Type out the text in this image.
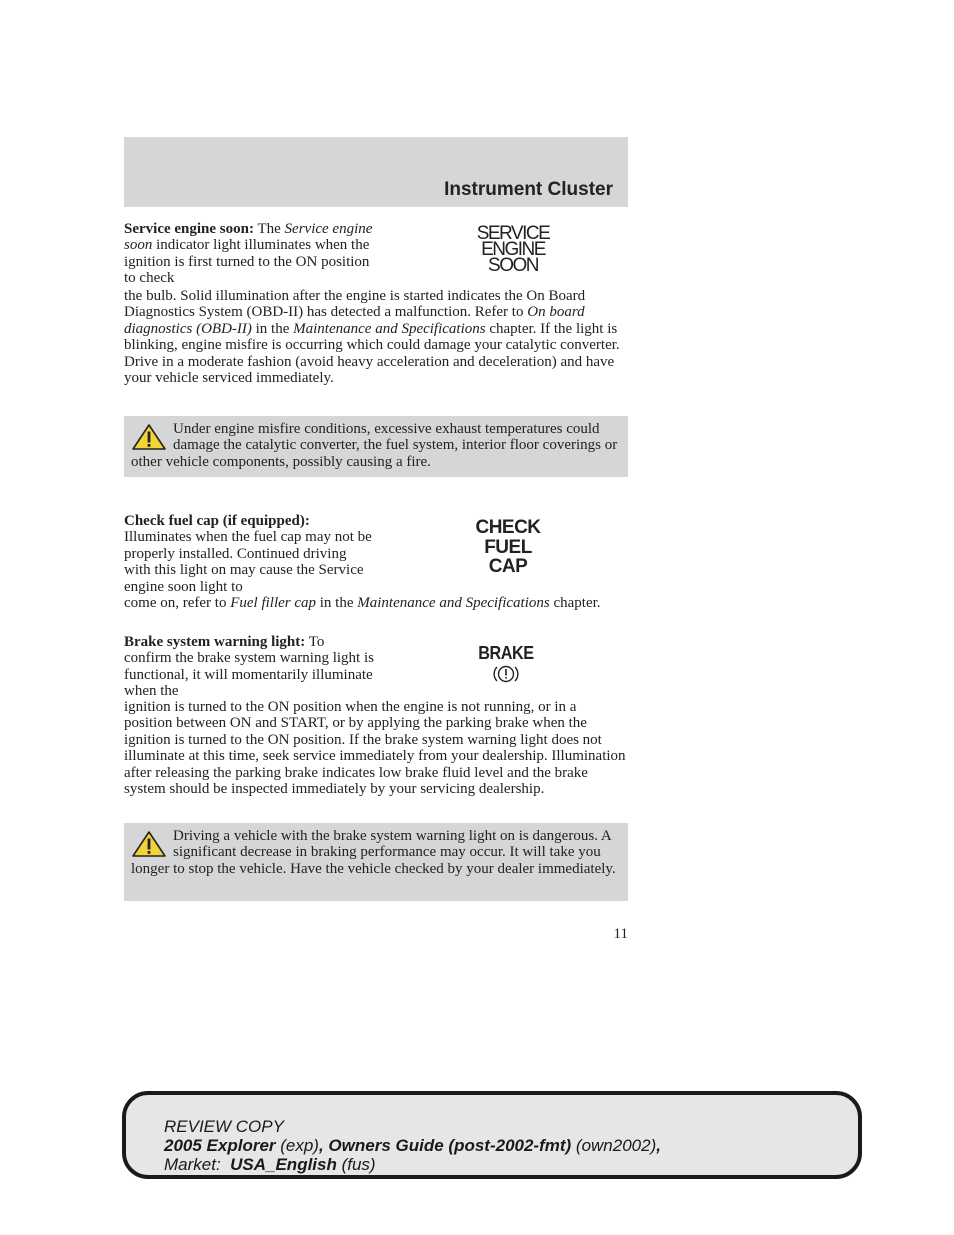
Instrument Cluster

Service engine soon: The Service engine soon indicator light illuminates when the ignition is first turned to the ON position to check

SERVICE
ENGINE
SOON

the bulb. Solid illumination after the engine is started indicates the On Board Diagnostics System (OBD-II) has detected a malfunction. Refer to On board diagnostics (OBD-II) in the Maintenance and Specifications chapter. If the light is blinking, engine misfire is occurring which could damage your catalytic converter. Drive in a moderate fashion (avoid heavy acceleration and deceleration) and have your vehicle serviced immediately.

Under engine misfire conditions, excessive exhaust temperatures could damage the catalytic converter, the fuel system, interior floor coverings or other vehicle components, possibly causing a fire.

Check fuel cap (if equipped): Illuminates when the fuel cap may not be properly installed. Continued driving with this light on may cause the Service engine soon light to

CHECK
FUEL
CAP

come on, refer to Fuel filler cap in the Maintenance and Specifications chapter.

Brake system warning light: To confirm the brake system warning light is functional, it will momentarily illuminate when the

BRAKE

ignition is turned to the ON position when the engine is not running, or in a position between ON and START, or by applying the parking brake when the ignition is turned to the ON position. If the brake system warning light does not illuminate at this time, seek service immediately from your dealership. Illumination after releasing the parking brake indicates low brake fluid level and the brake system should be inspected immediately by your servicing dealership.

Driving a vehicle with the brake system warning light on is dangerous. A significant decrease in braking performance may occur. It will take you longer to stop the vehicle. Have the vehicle checked by your dealer immediately.

11
REVIEW COPY
2005 Explorer (exp), Owners Guide (post-2002-fmt) (own2002),
Market:  USA_English (fus)
